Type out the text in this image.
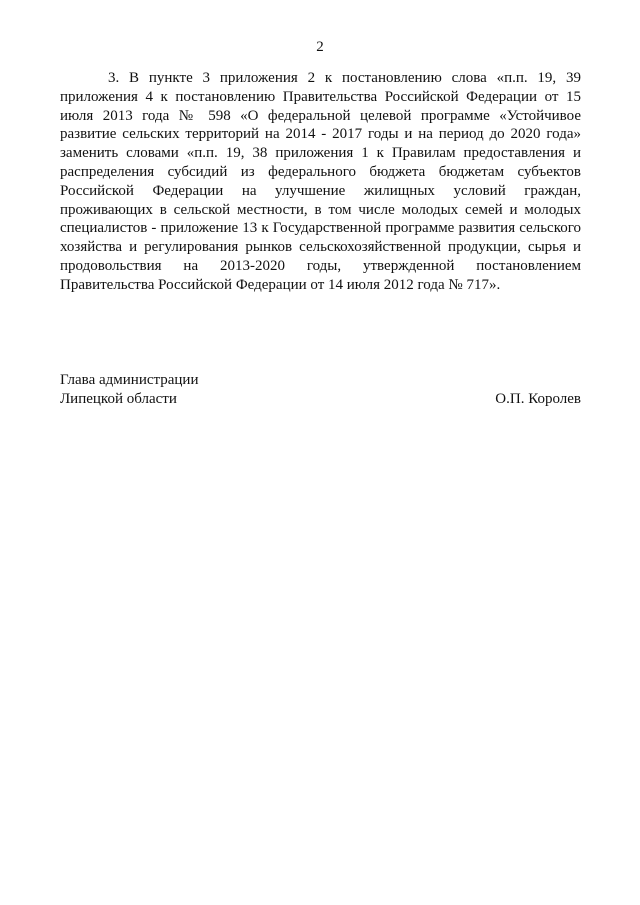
2

3. В пункте 3 приложения 2 к постановлению слова «п.п. 19, 39 приложения 4 к постановлению Правительства Российской Федерации от 15 июля 2013 года № 598 «О федеральной целевой программе «Устойчивое развитие сельских территорий на 2014 - 2017 годы и на период до 2020 года» заменить словами «п.п. 19, 38 приложения 1 к Правилам предоставления и распределения субсидий из федерального бюджета бюджетам субъектов Российской Федерации на улучшение жилищных условий граждан, проживающих в сельской местности, в том числе молодых семей и молодых специалистов - приложение 13 к Государственной программе развития сельского хозяйства и регулирования рынков сельскохозяйственной продукции, сырья и продовольствия на 2013-2020 годы, утвержденной постановлением Правительства Российской Федерации от 14 июля 2012 года № 717».

Глава администрации
Липецкой области	О.П. Королев
